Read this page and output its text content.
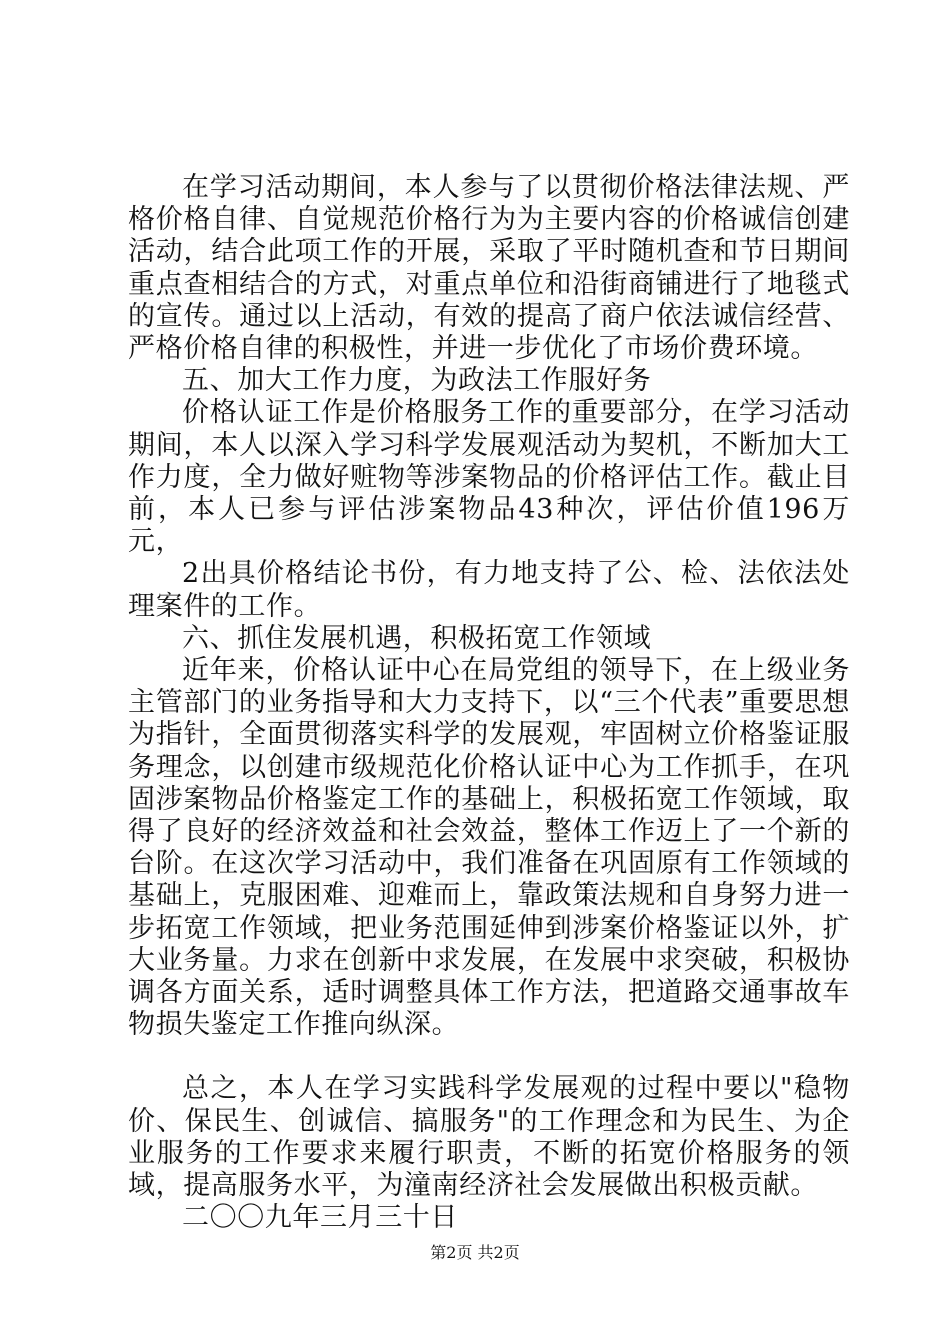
在学习活动期间，本人参与了以贯彻价格法律法规、严格价格自律、自觉规范价格行为为主要内容的价格诚信创建活动，结合此项工作的开展，采取了平时随机查和节日期间重点查相结合的方式，对重点单位和沿街商铺进行了地毯式的宣传。通过以上活动，有效的提高了商户依法诚信经营、严格价格自律的积极性，并进一步优化了市场价费环境。

五、加大工作力度，为政法工作服好务

价格认证工作是价格服务工作的重要部分，在学习活动期间，本人以深入学习科学发展观活动为契机，不断加大工作力度，全力做好赃物等涉案物品的价格评估工作。截止目前，本人已参与评估涉案物品43种次，评估价值196万元，

2出具价格结论书份，有力地支持了公、检、法依法处理案件的工作。

六、抓住发展机遇，积极拓宽工作领域

近年来，价格认证中心在局党组的领导下，在上级业务主管部门的业务指导和大力支持下，以“三个代表”重要思想为指针，全面贯彻落实科学的发展观，牢固树立价格鉴证服务理念，以创建市级规范化价格认证中心为工作抓手，在巩固涉案物品价格鉴定工作的基础上，积极拓宽工作领域，取得了良好的经济效益和社会效益，整体工作迈上了一个新的台阶。在这次学习活动中，我们准备在巩固原有工作领域的基础上，克服困难、迎难而上，靠政策法规和自身努力进一步拓宽工作领域，把业务范围延伸到涉案价格鉴证以外，扩大业务量。力求在创新中求发展，在发展中求突破，积极协调各方面关系，适时调整具体工作方法，把道路交通事故车物损失鉴定工作推向纵深。

总之，本人在学习实践科学发展观的过程中要以"稳物价、保民生、创诚信、搞服务"的工作理念和为民生、为企业服务的工作要求来履行职责，不断的拓宽价格服务的领域，提高服务水平，为潼南经济社会发展做出积极贡献。

二〇〇九年三月三十日

第2页 共2页
